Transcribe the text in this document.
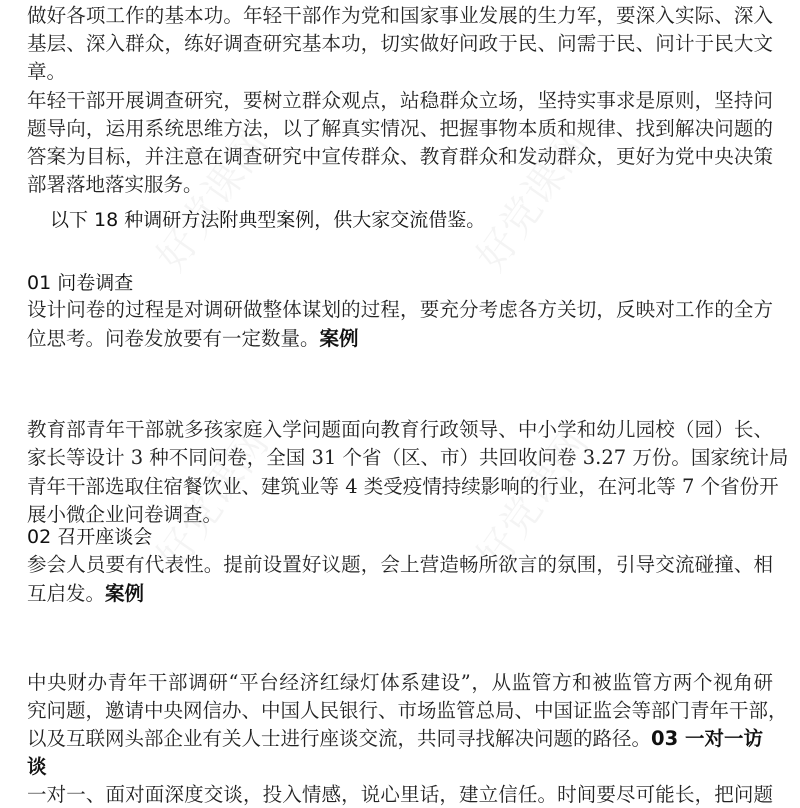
做好各项工作的基本功。年轻干部作为党和国家事业发展的生力军，要深入实际、深入
基层、深入群众，练好调查研究基本功，切实做好问政于民、问需于民、问计于民大文
章。
年轻干部开展调查研究，要树立群众观点，站稳群众立场，坚持实事求是原则，坚持问
题导向，运用系统思维方法，以了解真实情况、把握事物本质和规律、找到解决问题的
答案为目标，并注意在调查研究中宣传群众、教育群众和发动群众，更好为党中央决策
部署落地落实服务。
以下 18 种调研方法附典型案例，供大家交流借鉴。
01 问卷调查
设计问卷的过程是对调研做整体谋划的过程，要充分考虑各方关切，反映对工作的全方
位思考。问卷发放要有一定数量。案例
教育部青年干部就多孩家庭入学问题面向教育行政领导、中小学和幼儿园校（园）长、
家长等设计 3 种不同问卷，全国 31 个省（区、市）共回收问卷 3.27 万份。国家统计局
青年干部选取住宿餐饮业、建筑业等 4 类受疫情持续影响的行业，在河北等 7 个省份开
展小微企业问卷调查。
02 召开座谈会
参会人员要有代表性。提前设置好议题，会上营造畅所欲言的氛围，引导交流碰撞、相
互启发。案例
中央财办青年干部调研“平台经济红绿灯体系建设”，从监管方和被监管方两个视角研
究问题，邀请中央网信办、中国人民银行、市场监管总局、中国证监会等部门青年干部，
以及互联网头部企业有关人士进行座谈交流，共同寻找解决问题的路径。03 一对一访
谈
一对一、面对面深度交谈，投入情感，说心里话，建立信任。时间要尽可能长，把问题
